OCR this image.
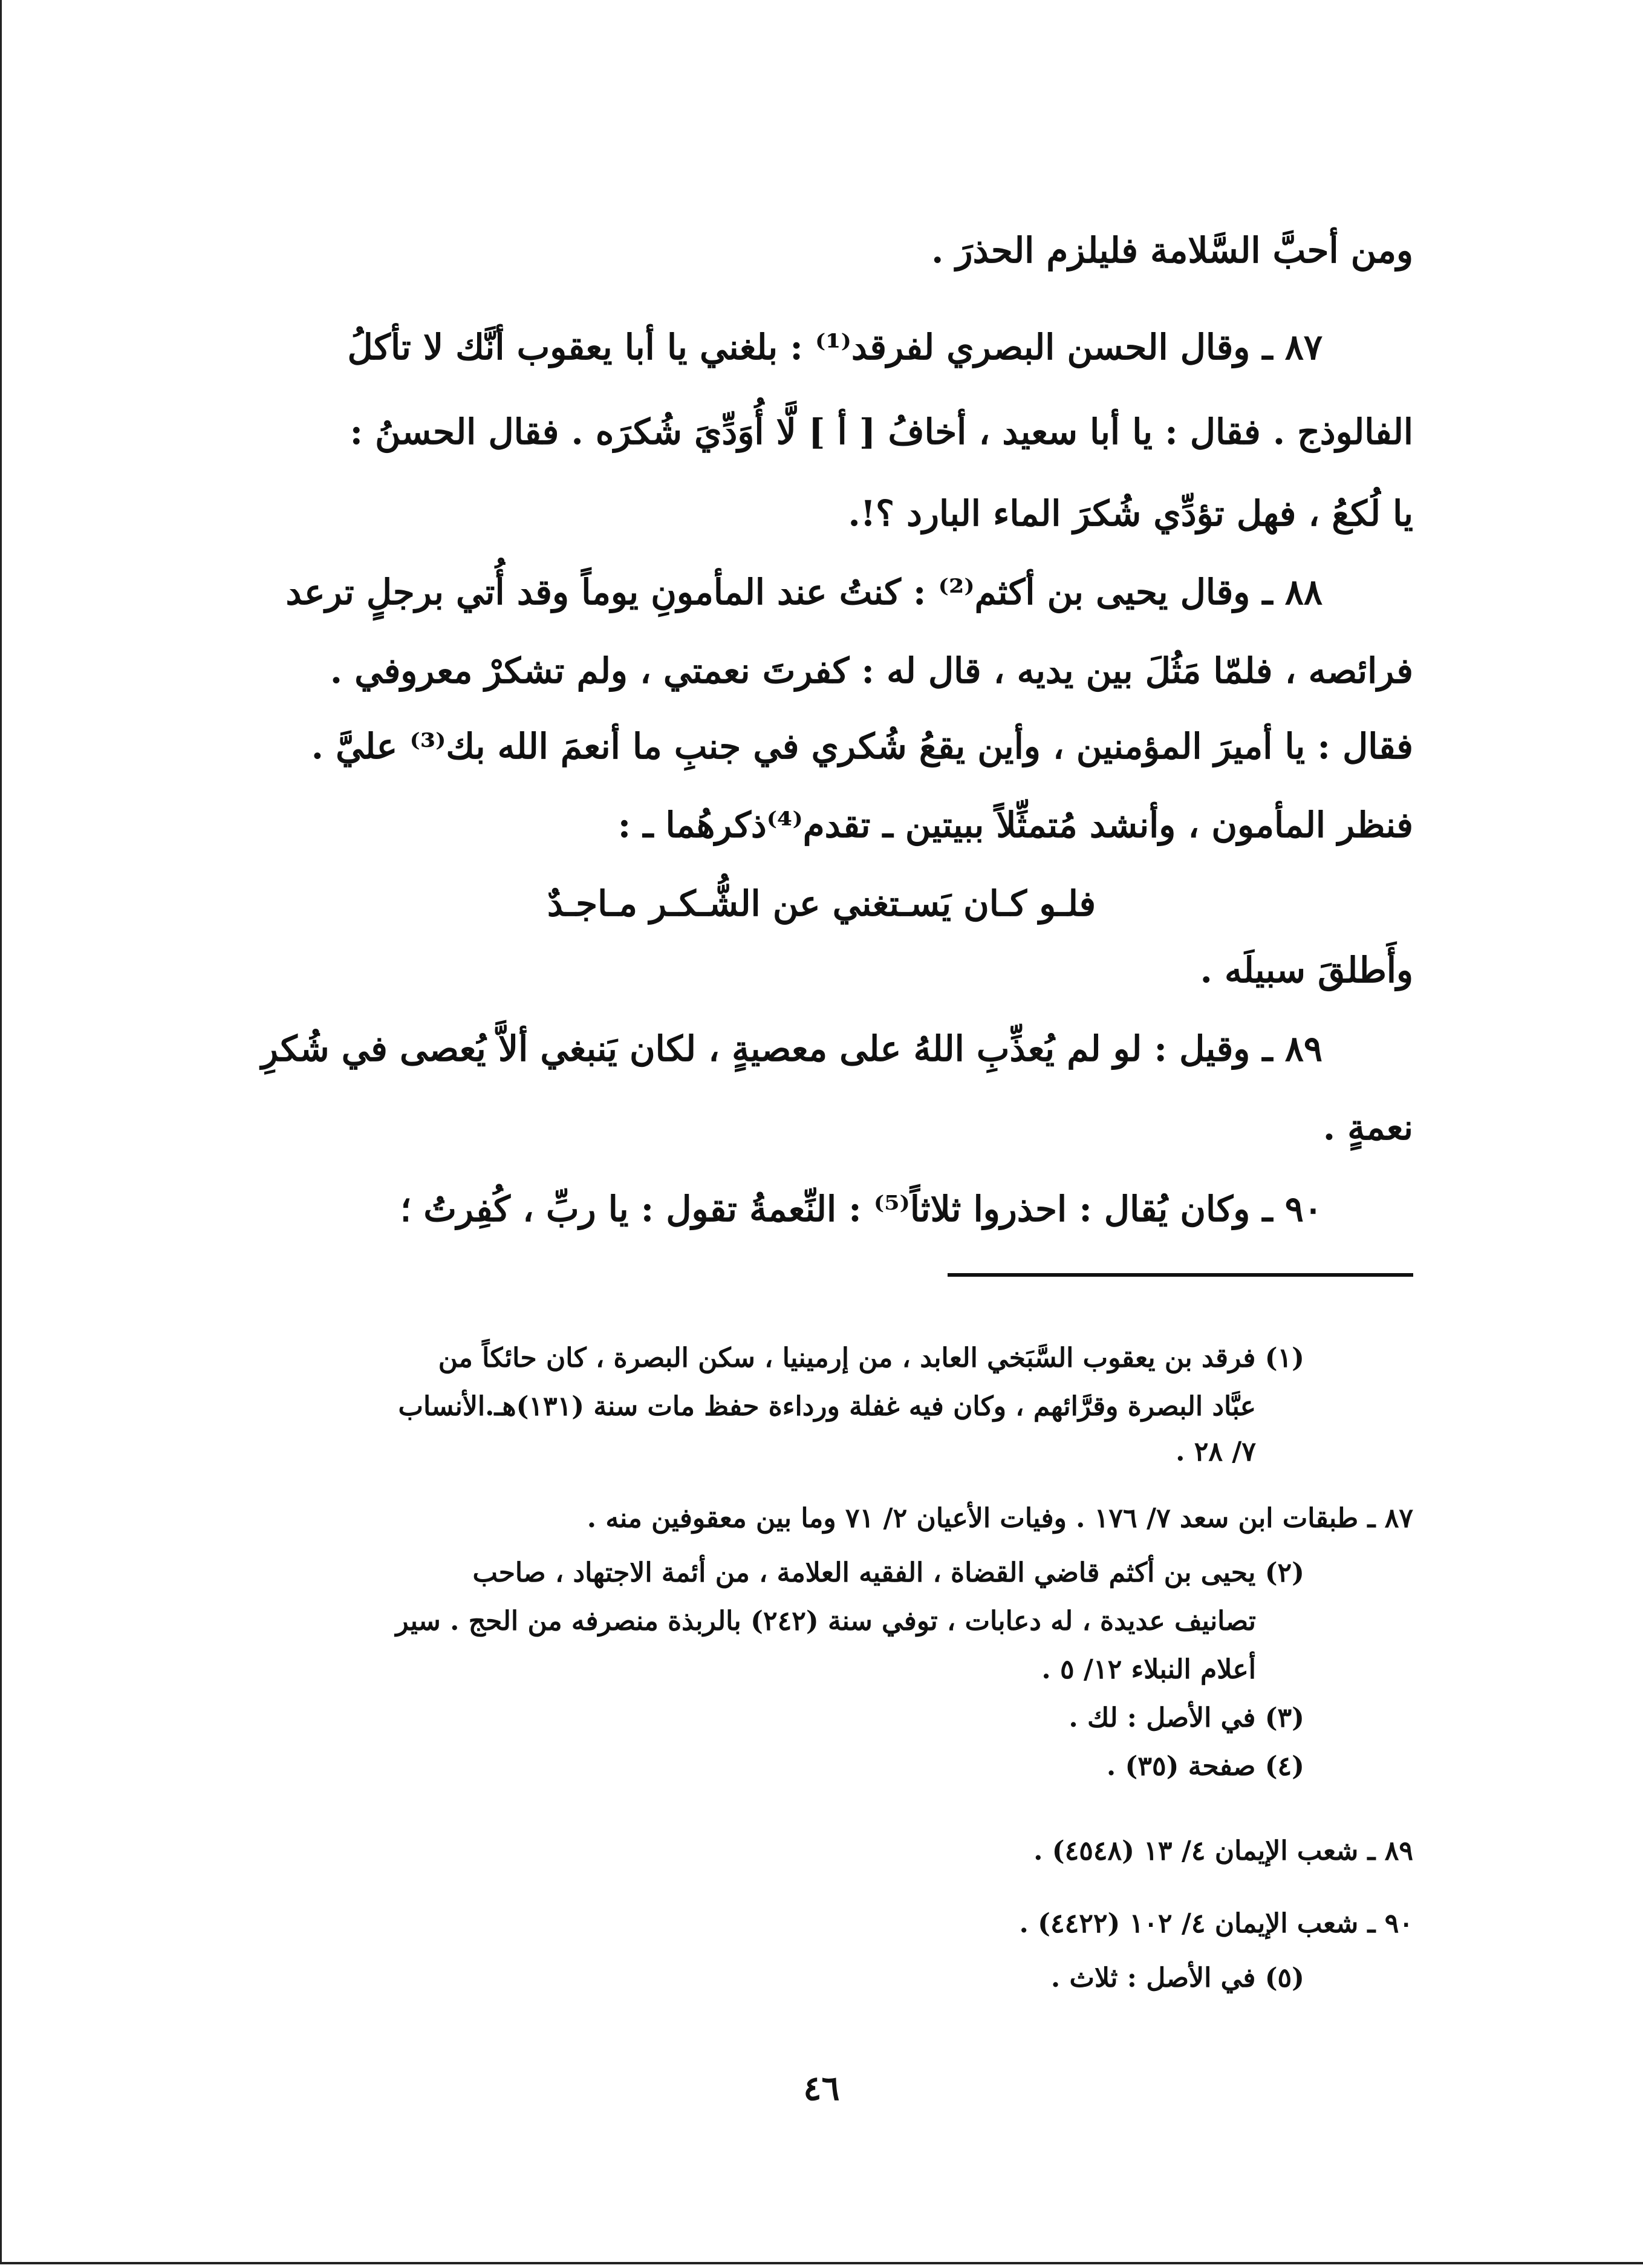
ومن أحبَّ السَّلامة فليلزم الحذرَ .
٨٧ ـ وقال الحسن البصري لفرقد⁽¹⁾ : بلغني يا أبا يعقوب أنَّك لا تأكلُ
الفالوذج . فقال : يا أبا سعيد ، أخافُ [ أ ] لَّا أُوَدِّيَ شُكرَه . فقال الحسنُ :
يا لُكعُ ، فهل تؤدِّي شُكرَ الماء البارد ؟!.
٨٨ ـ وقال يحيى بن أكثم⁽²⁾ : كنتُ عند المأمونِ يوماً وقد أُتي برجلٍ ترعد
فرائصه ، فلمّا مَثُلَ بين يديه ، قال له : كفرتَ نعمتي ، ولم تشكرْ معروفي .
فقال : يا أميرَ المؤمنين ، وأين يقعُ شُكري في جنبِ ما أنعمَ الله بك⁽³⁾ عليَّ .
فنظر المأمون ، وأنشد مُتمثِّلاً ببيتين ـ تقدم⁽⁴⁾ذكرهُما ـ :
فلـو كـان يَسـتغني عن الشُّـكـر مـاجـدٌ
وأَطلقَ سبيلَه .
٨٩ ـ وقيل : لو لم يُعذِّبِ اللهُ على معصيةٍ ، لكان يَنبغي ألاَّ يُعصى في شُكرِ
نعمةٍ .
٩٠ ـ وكان يُقال : احذروا ثلاثاً⁽⁵⁾ : النِّعمةُ تقول : يا ربِّ ، كُفِرتُ ؛
(١) فرقد بن يعقوب السَّبَخي العابد ، من إرمينيا ، سكن البصرة ، كان حائكاً من
عبَّاد البصرة وقرَّائهم ، وكان فيه غفلة ورداءة حفظ مات سنة (١٣١)هـ.الأنساب
٧/ ٢٨ .
٨٧ ـ طبقات ابن سعد ٧/ ١٧٦ . وفيات الأعيان ٢/ ٧١ وما بين معقوفين منه .
(٢) يحيى بن أكثم قاضي القضاة ، الفقيه العلامة ، من أئمة الاجتهاد ، صاحب
تصانيف عديدة ، له دعابات ، توفي سنة (٢٤٢) بالربذة منصرفه من الحج . سير
أعلام النبلاء ١٢/ ٥ .
(٣) في الأصل : لك .
(٤) صفحة (٣٥) .
٨٩ ـ شعب الإيمان ٤/ ١٣ (٤٥٤٨) .
٩٠ ـ شعب الإيمان ٤/ ١٠٢ (٤٤٢٢) .
(٥) في الأصل : ثلاث .
٤٦
